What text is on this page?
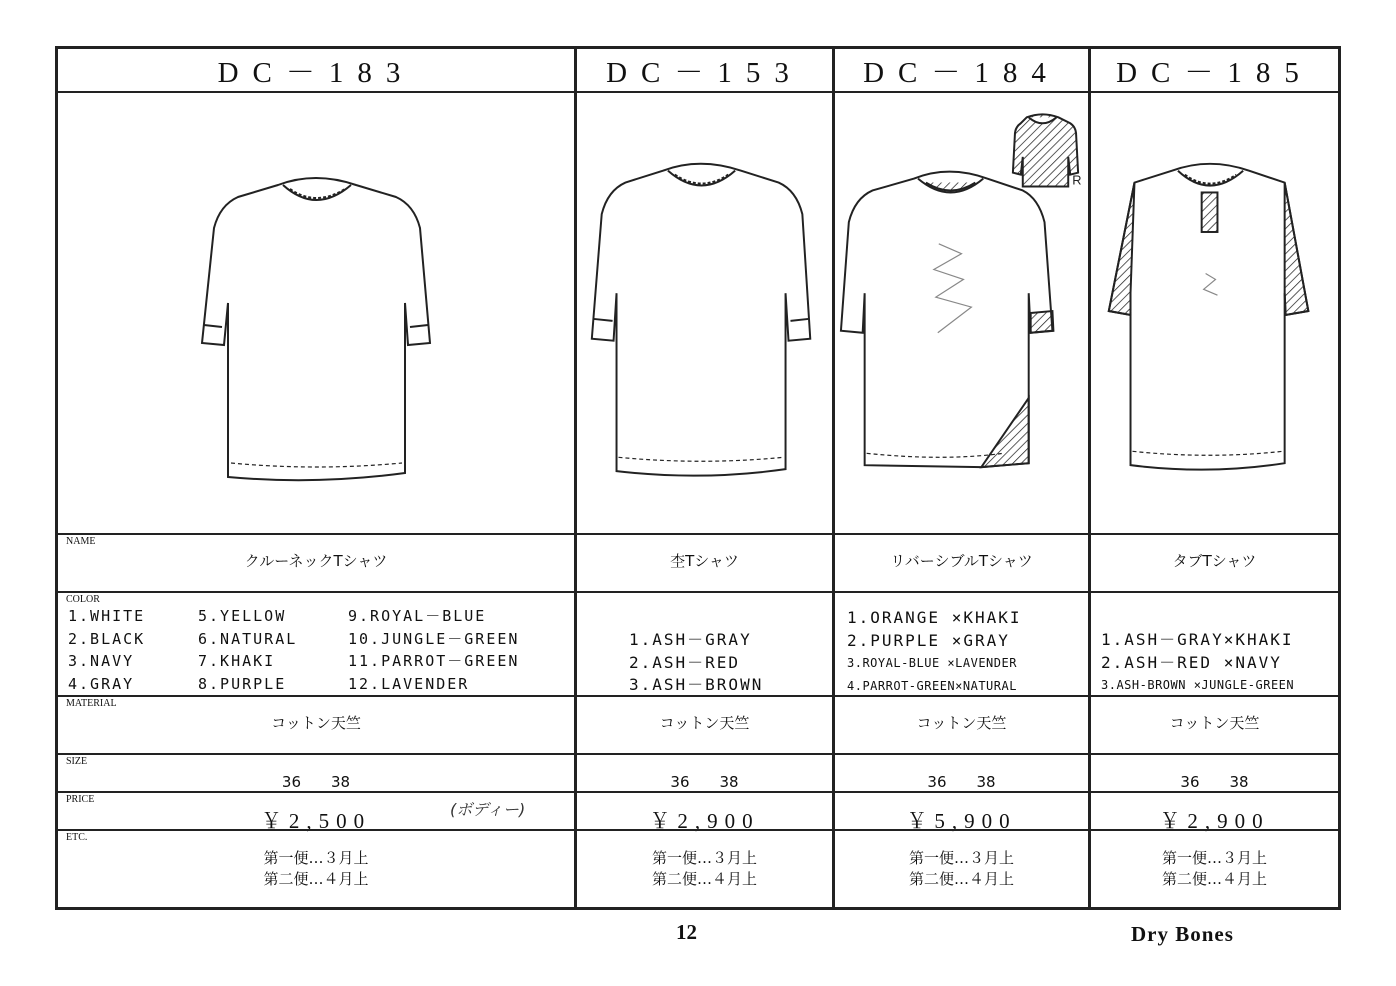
DC－183
NAME
クルーネックTシャツ
COLOR
1.WHITE	5.YELLOW	9.ROYAL－BLUE
2.BLACK	6.NATURAL	10.JUNGLE－GREEN
3.NAVY	7.KHAKI	11.PARROT－GREEN
4.GRAY	8.PURPLE	12.LAVENDER
MATERIAL
コットン天竺
SIZE
36　　38
PRICE
￥2,500	(ボディー)
ETC.
第一便…３月上
第二便…４月上
DC－153
杢Tシャツ
1.ASH－GRAY
2.ASH－RED
3.ASH－BROWN
コットン天竺
36　　38
￥2,900
第一便…３月上
第二便…４月上
DC－184
R
リバーシブルTシャツ
1.ORANGE ×KHAKI
2.PURPLE ×GRAY
3.ROYAL-BLUE ×LAVENDER
4.PARROT-GREEN×NATURAL
コットン天竺
36　　38
￥5,900
第一便…３月上
第二便…４月上
DC－185
タブTシャツ
1.ASH－GRAY×KHAKI
2.ASH－RED ×NAVY
3.ASH-BROWN ×JUNGLE-GREEN
コットン天竺
36　　38
￥2,900
第一便…３月上
第二便…４月上
12	Dry Bones
